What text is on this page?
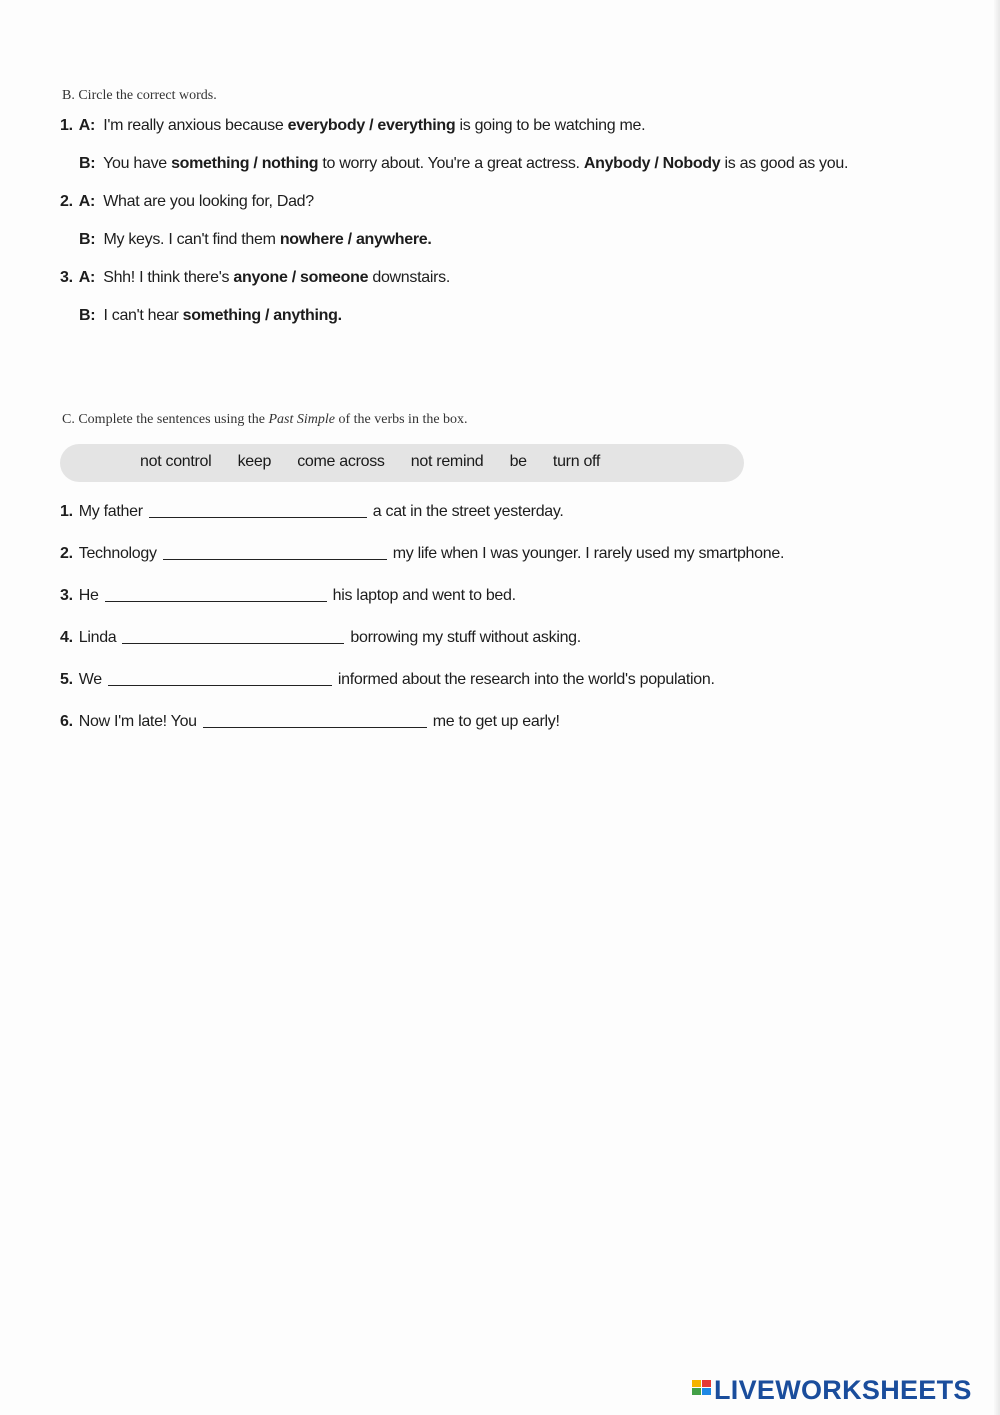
B. Circle the correct words.
1. A: I'm really anxious because everybody / everything is going to be watching me.
B: You have something / nothing to worry about. You're a great actress. Anybody / Nobody is as good as you.
2. A: What are you looking for, Dad?
B: My keys. I can't find them nowhere / anywhere.
3. A: Shh! I think there's anyone / someone downstairs.
B: I can't hear something / anything.
C. Complete the sentences using the Past Simple of the verbs in the box.
not control keep come across not remind be turn off
1. My father	a cat in the street yesterday.
2. Technology	my life when I was younger. I rarely used my smartphone.
3. He	his laptop and went to bed.
4. Linda	borrowing my stuff without asking.
5. We	informed about the research into the world's population.
6. Now I'm late! You	me to get up early!
LIVEWORKSHEETS
